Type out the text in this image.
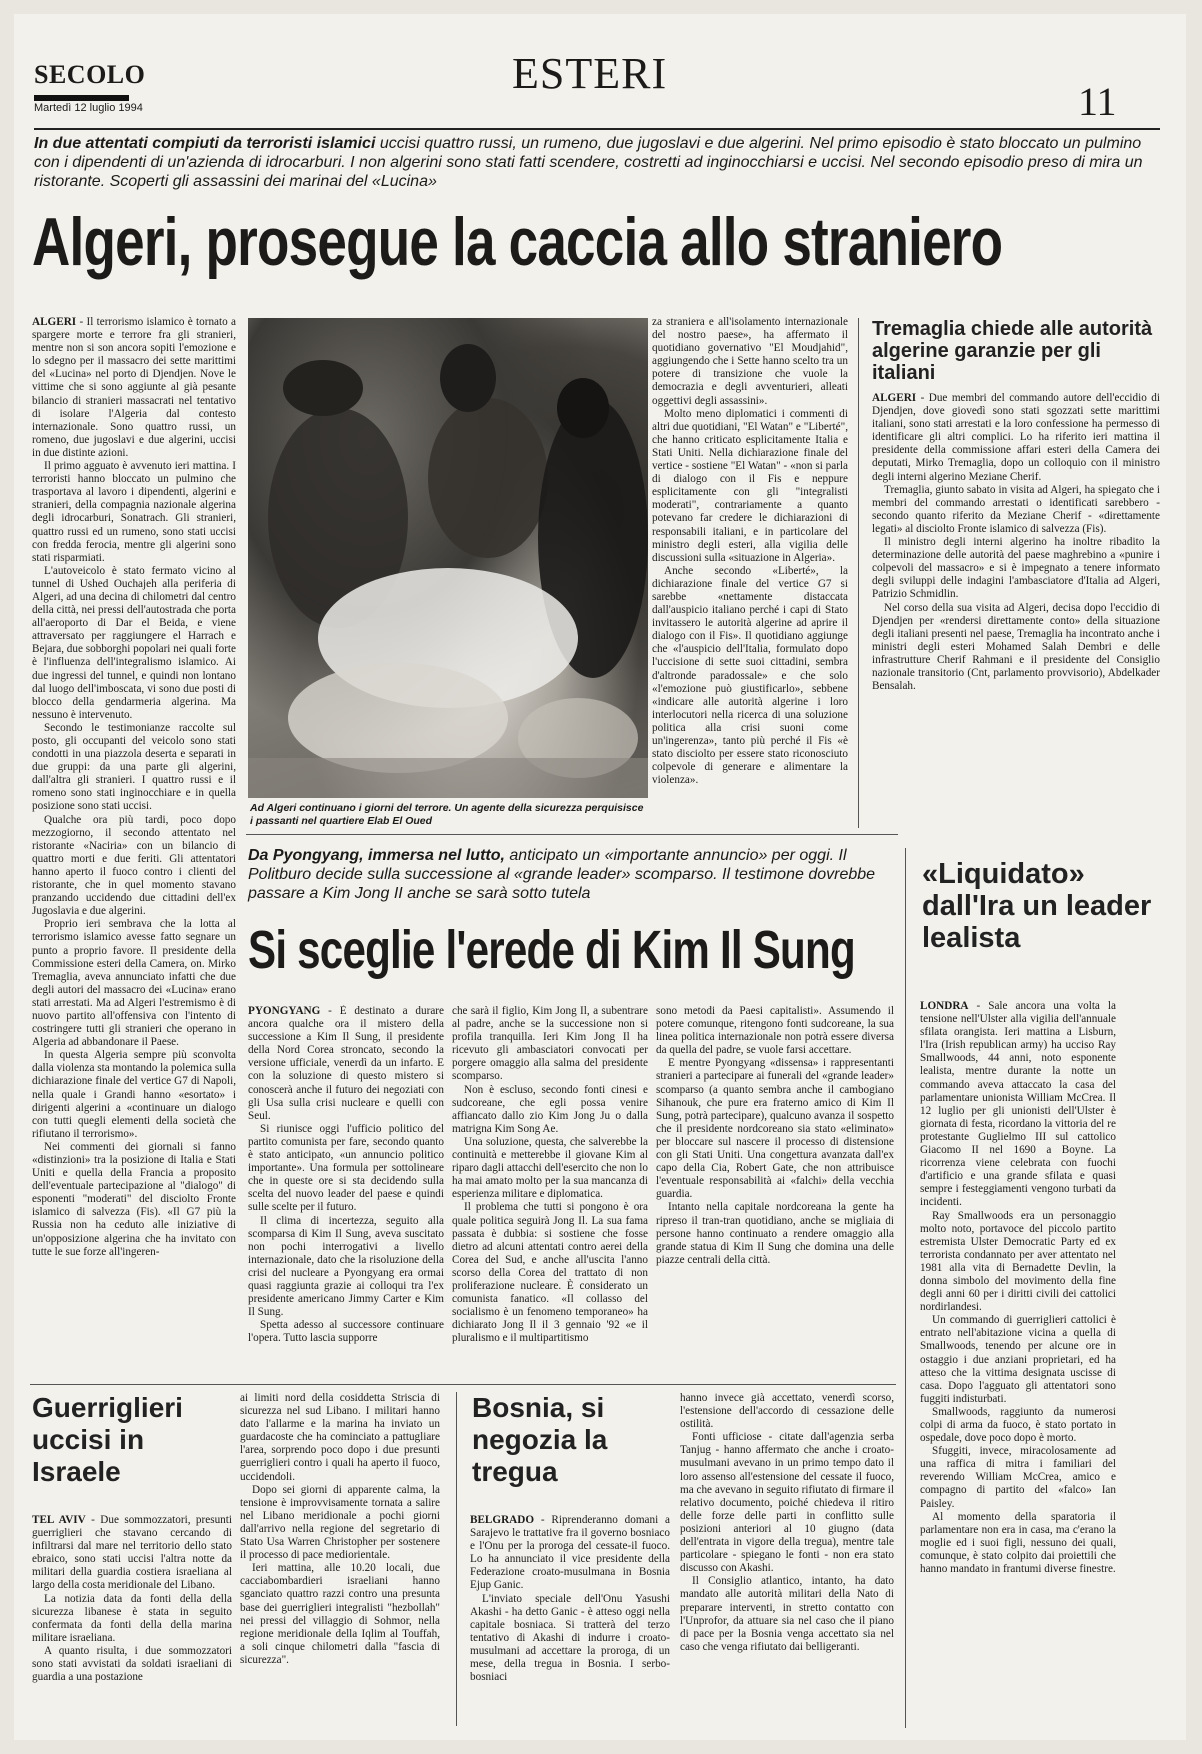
SECOLO
Martedì 12 luglio 1994
ESTERI
11
In due attentati compiuti da terroristi islamici uccisi quattro russi, un rumeno, due jugoslavi e due algerini. Nel primo episodio è stato bloccato un pulmino con i dipendenti di un'azienda di idrocarburi. I non algerini sono stati fatti scendere, costretti ad inginocchiarsi e uccisi. Nel secondo episodio preso di mira un ristorante. Scoperti gli assassini dei marinai del «Lucina»
Algeri, prosegue la caccia allo straniero

ALGERI - Il terrorismo islamico è tornato a spargere morte e terrore fra gli stranieri, mentre non si son ancora sopiti l'emozione e lo sdegno per il massacro dei sette marittimi del «Lucina» nel porto di Djendjen. Nove le vittime che si sono aggiunte al già pesante bilancio di stranieri massacrati nel tentativo di isolare l'Algeria dal contesto internazionale. Sono quattro russi, un romeno, due jugoslavi e due algerini, uccisi in due distinte azioni.

Il primo agguato è avvenuto ieri mattina. I terroristi hanno bloccato un pulmino che trasportava al lavoro i dipendenti, algerini e stranieri, della compagnia nazionale algerina degli idrocarburi, Sonatrach. Gli stranieri, quattro russi ed un rumeno, sono stati uccisi con fredda ferocia, mentre gli algerini sono stati risparmiati.

L'autoveicolo è stato fermato vicino al tunnel di Ushed Ouchajeh alla periferia di Algeri, ad una decina di chilometri dal centro della città, nei pressi dell'autostrada che porta all'aeroporto di Dar el Beida, e viene attraversato per raggiungere el Harrach e Bejara, due sobborghi popolari nei quali forte è l'influenza dell'integralismo islamico. Ai due ingressi del tunnel, e quindi non lontano dal luogo dell'imboscata, vi sono due posti di blocco della gendarmeria algerina. Ma nessuno è intervenuto.

Secondo le testimonianze raccolte sul posto, gli occupanti del veicolo sono stati condotti in una piazzola deserta e separati in due gruppi: da una parte gli algerini, dall'altra gli stranieri. I quattro russi e il romeno sono stati inginocchiare e in quella posizione sono stati uccisi.

Qualche ora più tardi, poco dopo mezzogiorno, il secondo attentato nel ristorante «Naciria» con un bilancio di quattro morti e due feriti. Gli attentatori hanno aperto il fuoco contro i clienti del ristorante, che in quel momento stavano pranzando uccidendo due cittadini dell'ex Jugoslavia e due algerini.

Proprio ieri sembrava che la lotta al terrorismo islamico avesse fatto segnare un punto a proprio favore. Il presidente della Commissione esteri della Camera, on. Mirko Tremaglia, aveva annunciato infatti che due degli autori del massacro dei «Lucina» erano stati arrestati. Ma ad Algeri l'estremismo è di nuovo partito all'offensiva con l'intento di costringere tutti gli stranieri che operano in Algeria ad abbandonare il Paese.

In questa Algeria sempre più sconvolta dalla violenza sta montando la polemica sulla dichiarazione finale del vertice G7 di Napoli, nella quale i Grandi hanno «esortato» i dirigenti algerini a «continuare un dialogo con tutti quegli elementi della società che rifiutano il terrorismo».

Nei commenti dei giornali si fanno «distinzioni» tra la posizione di Italia e Stati Uniti e quella della Francia a proposito dell'eventuale partecipazione al "dialogo" di esponenti "moderati" del disciolto Fronte islamico di salvezza (Fis). «Il G7 più la Russia non ha ceduto alle iniziative di un'opposizione algerina che ha invitato con tutte le sue forze all'ingeren-

Ad Algeri continuano i giorni del terrore. Un agente della sicurezza perquisisce i passanti nel quartiere Elab El Oued

za straniera e all'isolamento internazionale del nostro paese», ha affermato il quotidiano governativo "El Moudjahid", aggiungendo che i Sette hanno scelto tra un potere di transizione che vuole la democrazia e degli avventurieri, alleati oggettivi degli assassini».

Molto meno diplomatici i commenti di altri due quotidiani, "El Watan" e "Liberté", che hanno criticato esplicitamente Italia e Stati Uniti. Nella dichiarazione finale del vertice - sostiene "El Watan" - «non si parla di dialogo con il Fis e neppure esplicitamente con gli "integralisti moderati", contrariamente a quanto potevano far credere le dichiarazioni di responsabili italiani, e in particolare del ministro degli esteri, alla vigilia delle discussioni sulla «situazione in Algeria».

Anche secondo «Liberté», la dichiarazione finale del vertice G7 si sarebbe «nettamente distaccata dall'auspicio italiano perché i capi di Stato invitassero le autorità algerine ad aprire il dialogo con il Fis». Il quotidiano aggiunge che «l'auspicio dell'Italia, formulato dopo l'uccisione di sette suoi cittadini, sembra d'altronde paradossale» e che solo «l'emozione può giustificarlo», sebbene «indicare alle autorità algerine i loro interlocutori nella ricerca di una soluzione politica alla crisi suoni come un'ingerenza», tanto più perché il Fis «è stato disciolto per essere stato riconosciuto colpevole di generare e alimentare la violenza».

Tremaglia chiede alle autorità algerine garanzie per gli italiani

ALGERI - Due membri del commando autore dell'eccidio di Djendjen, dove giovedì sono stati sgozzati sette marittimi italiani, sono stati arrestati e la loro confessione ha permesso di identificare gli altri complici. Lo ha riferito ieri mattina il presidente della commissione affari esteri della Camera dei deputati, Mirko Tremaglia, dopo un colloquio con il ministro degli interni algerino Meziane Cherif.

Tremaglia, giunto sabato in visita ad Algeri, ha spiegato che i membri del commando arrestati o identificati sarebbero - secondo quanto riferito da Meziane Cherif - «direttamente legati» al disciolto Fronte islamico di salvezza (Fis).

Il ministro degli interni algerino ha inoltre ribadito la determinazione delle autorità del paese maghrebino a «punire i colpevoli del massacro» e si è impegnato a tenere informato degli sviluppi delle indagini l'ambasciatore d'Italia ad Algeri, Patrizio Schmidlin.

Nel corso della sua visita ad Algeri, decisa dopo l'eccidio di Djendjen per «rendersi direttamente conto» della situazione degli italiani presenti nel paese, Tremaglia ha incontrato anche i ministri degli esteri Mohamed Salah Dembri e delle infrastrutture Cherif Rahmani e il presidente del Consiglio nazionale transitorio (Cnt, parlamento provvisorio), Abdelkader Bensalah.

Da Pyongyang, immersa nel lutto, anticipato un «importante annuncio» per oggi. Il Politburo decide sulla successione al «grande leader» scomparso. Il testimone dovrebbe passare a Kim Jong II anche se sarà sotto tutela
Si sceglie l'erede di Kim Il Sung

PYONGYANG - È destinato a durare ancora qualche ora il mistero della successione a Kim Il Sung, il presidente della Nord Corea stroncato, secondo la versione ufficiale, venerdì da un infarto. E con la soluzione di questo mistero si conoscerà anche il futuro dei negoziati con gli Usa sulla crisi nucleare e quelli con Seul.

Si riunisce oggi l'ufficio politico del partito comunista per fare, secondo quanto è stato anticipato, «un annuncio politico importante». Una formula per sottolineare che in queste ore si sta decidendo sulla scelta del nuovo leader del paese e quindi sulle scelte per il futuro.

Il clima di incertezza, seguito alla scomparsa di Kim Il Sung, aveva suscitato non pochi interrogativi a livello internazionale, dato che la risoluzione della crisi del nucleare a Pyongyang era ormai quasi raggiunta grazie ai colloqui tra l'ex presidente americano Jimmy Carter e Kim Il Sung.

Spetta adesso al successore continuare l'opera. Tutto lascia supporre

che sarà il figlio, Kim Jong Il, a subentrare al padre, anche se la successione non si profila tranquilla. Ieri Kim Jong Il ha ricevuto gli ambasciatori convocati per porgere omaggio alla salma del presidente scomparso.

Non è escluso, secondo fonti cinesi e sudcoreane, che egli possa venire affiancato dallo zio Kim Jong Ju o dalla matrigna Kim Song Ae.

Una soluzione, questa, che salverebbe la continuità e metterebbe il giovane Kim al riparo dagli attacchi dell'esercito che non lo ha mai amato molto per la sua mancanza di esperienza militare e diplomatica.

Il problema che tutti si pongono è ora quale politica seguirà Jong Il. La sua fama passata è dubbia: si sostiene che fosse dietro ad alcuni attentati contro aerei della Corea del Sud, e anche all'uscita l'anno scorso della Corea del trattato di non proliferazione nucleare. È considerato un comunista fanatico. «Il collasso del socialismo è un fenomeno temporaneo» ha dichiarato Jong Il il 3 gennaio '92 «e il pluralismo e il multipartitismo

sono metodi da Paesi capitalisti». Assumendo il potere comunque, ritengono fonti sudcoreane, la sua linea politica internazionale non potrà essere diversa da quella del padre, se vuole farsi accettare.

E mentre Pyongyang «dissensa» i rappresentanti stranieri a partecipare ai funerali del «grande leader» scomparso (a quanto sembra anche il cambogiano Sihanouk, che pure era fraterno amico di Kim Il Sung, potrà partecipare), qualcuno avanza il sospetto che il presidente nordcoreano sia stato «eliminato» per bloccare sul nascere il processo di distensione con gli Stati Uniti. Una congettura avanzata dall'ex capo della Cia, Robert Gate, che non attribuisce l'eventuale responsabilità ai «falchi» della vecchia guardia.

Intanto nella capitale nordcoreana la gente ha ripreso il tran-tran quotidiano, anche se migliaia di persone hanno continuato a rendere omaggio alla grande statua di Kim Il Sung che domina una delle piazze centrali della città.

«Liquidato» dall'Ira un leader lealista

LONDRA - Sale ancora una volta la tensione nell'Ulster alla vigilia dell'annuale sfilata orangista. Ieri mattina a Lisburn, l'Ira (Irish republican army) ha ucciso Ray Smallwoods, 44 anni, noto esponente lealista, mentre durante la notte un commando aveva attaccato la casa del parlamentare unionista William McCrea. Il 12 luglio per gli unionisti dell'Ulster è giornata di festa, ricordano la vittoria del re protestante Guglielmo III sul cattolico Giacomo II nel 1690 a Boyne. La ricorrenza viene celebrata con fuochi d'artificio e una grande sfilata e quasi sempre i festeggiamenti vengono turbati da incidenti.

Ray Smallwoods era un personaggio molto noto, portavoce del piccolo partito estremista Ulster Democratic Party ed ex terrorista condannato per aver attentato nel 1981 alla vita di Bernadette Devlin, la donna simbolo del movimento della fine degli anni 60 per i diritti civili dei cattolici nordirlandesi.

Un commando di guerriglieri cattolici è entrato nell'abitazione vicina a quella di Smallwoods, tenendo per alcune ore in ostaggio i due anziani proprietari, ed ha atteso che la vittima designata uscisse di casa. Dopo l'agguato gli attentatori sono fuggiti indisturbati.

Smallwoods, raggiunto da numerosi colpi di arma da fuoco, è stato portato in ospedale, dove poco dopo è morto.

Sfuggiti, invece, miracolosamente ad una raffica di mitra i familiari del reverendo William McCrea, amico e compagno di partito del «falco» Ian Paisley.

Al momento della sparatoria il parlamentare non era in casa, ma c'erano la moglie ed i suoi figli, nessuno dei quali, comunque, è stato colpito dai proiettili che hanno mandato in frantumi diverse finestre.

Guerriglieri uccisi in Israele

TEL AVIV - Due sommozzatori, presunti guerriglieri che stavano cercando di infiltrarsi dal mare nel territorio dello stato ebraico, sono stati uccisi l'altra notte da militari della guardia costiera israeliana al largo della costa meridionale del Libano.

La notizia data da fonti della della sicurezza libanese è stata in seguito confermata da fonti della della marina militare israeliana.

A quanto risulta, i due sommozzatori sono stati avvistati da soldati israeliani di guardia a una postazione

ai limiti nord della cosiddetta Striscia di sicurezza nel sud Libano. I militari hanno dato l'allarme e la marina ha inviato un guardacoste che ha cominciato a pattugliare l'area, sorprendo poco dopo i due presunti guerriglieri contro i quali ha aperto il fuoco, uccidendoli.

Dopo sei giorni di apparente calma, la tensione è improvvisamente tornata a salire nel Libano meridionale a pochi giorni dall'arrivo nella regione del segretario di Stato Usa Warren Christopher per sostenere il processo di pace mediorientale.

Ieri mattina, alle 10.20 locali, due cacciabombardieri israeliani hanno sganciato quattro razzi contro una presunta base dei guerriglieri integralisti "hezbollah" nei pressi del villaggio di Sohmor, nella regione meridionale della Iqlim al Touffah, a soli cinque chilometri dalla "fascia di sicurezza".

Bosnia, si negozia la tregua

BELGRADO - Riprenderanno domani a Sarajevo le trattative fra il governo bosniaco e l'Onu per la proroga del cessate-il fuoco. Lo ha annunciato il vice presidente della Federazione croato-musulmana in Bosnia Ejup Ganic.

L'inviato speciale dell'Onu Yasushi Akashi - ha detto Ganic - è atteso oggi nella capitale bosniaca. Si tratterà del terzo tentativo di Akashi di indurre i croato-musulmani ad accettare la proroga, di un mese, della tregua in Bosnia. I serbo-bosniaci

hanno invece già accettato, venerdì scorso, l'estensione dell'accordo di cessazione delle ostilità.

Fonti ufficiose - citate dall'agenzia serba Tanjug - hanno affermato che anche i croato-musulmani avevano in un primo tempo dato il loro assenso all'estensione del cessate il fuoco, ma che avevano in seguito rifiutato di firmare il relativo documento, poiché chiedeva il ritiro delle forze delle parti in conflitto sulle posizioni anteriori al 10 giugno (data dell'entrata in vigore della tregua), mentre tale particolare - spiegano le fonti - non era stato discusso con Akashi.

Il Consiglio atlantico, intanto, ha dato mandato alle autorità militari della Nato di preparare interventi, in stretto contatto con l'Unprofor, da attuare sia nel caso che il piano di pace per la Bosnia venga accettato sia nel caso che venga rifiutato dai belligeranti.
